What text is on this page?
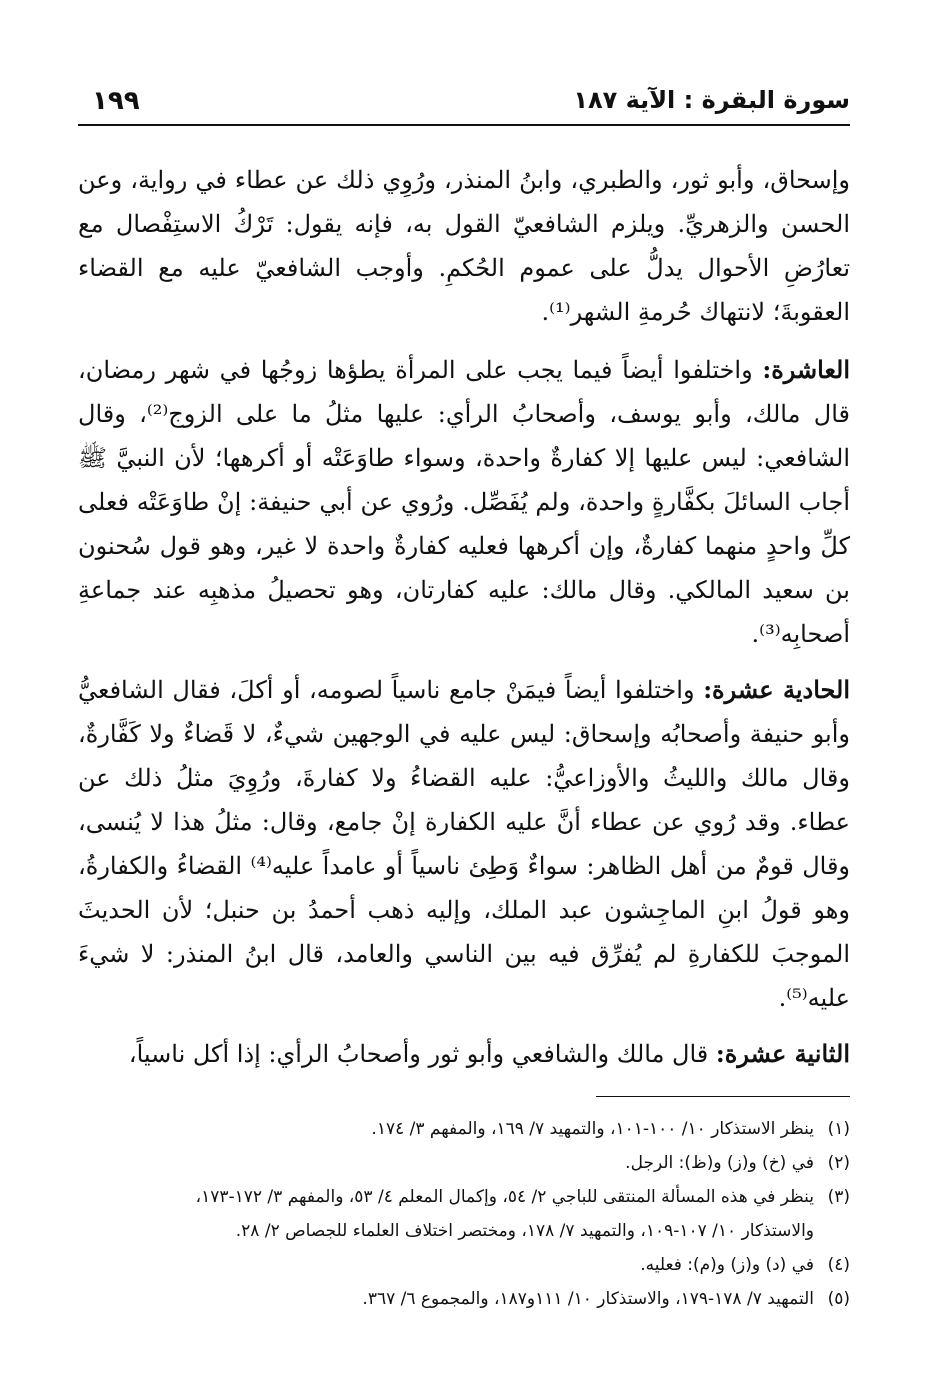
سورة البقرة : الآية ١٨٧
١٩٩

وإسحاق، وأبو ثور، والطبري، وابنُ المنذر، ورُوِي ذلك عن عطاء في رواية، وعن الحسن والزهريِّ. ويلزم الشافعيّ القول به، فإنه يقول: تَرْكُ الاستِفْصال مع تعارُضِ الأحوال يدلُّ على عموم الحُكمِ. وأوجب الشافعيّ عليه مع القضاء العقوبةَ؛ لانتهاك حُرمةِ الشهر⁽¹⁾.

العاشرة: واختلفوا أيضاً فيما يجب على المرأة يطؤها زوجُها في شهر رمضان، قال مالك، وأبو يوسف، وأصحابُ الرأي: عليها مثلُ ما على الزوج⁽²⁾، وقال الشافعي: ليس عليها إلا كفارةٌ واحدة، وسواء طاوَعَتْه أو أكرهها؛ لأن النبيَّ ﷺ أجاب السائلَ بكفَّارةٍ واحدة، ولم يُفَصِّل. ورُوي عن أبي حنيفة: إنْ طاوَعَتْه فعلى كلِّ واحدٍ منهما كفارةٌ، وإن أكرهها فعليه كفارةٌ واحدة لا غير، وهو قول سُحنون بن سعيد المالكي. وقال مالك: عليه كفارتان، وهو تحصيلُ مذهبِه عند جماعةِ أصحابِه⁽³⁾.

الحادية عشرة: واختلفوا أيضاً فيمَنْ جامع ناسياً لصومه، أو أكلَ، فقال الشافعيُّ وأبو حنيفة وأصحابُه وإسحاق: ليس عليه في الوجهين شيءٌ، لا قَضاءٌ ولا كَفَّارةٌ، وقال مالك والليثُ والأوزاعيُّ: عليه القضاءُ ولا كفارةَ، ورُوِيَ مثلُ ذلك عن عطاء. وقد رُوي عن عطاء أنَّ عليه الكفارة إنْ جامع، وقال: مثلُ هذا لا يُنسى، وقال قومٌ من أهل الظاهر: سواءٌ وَطِئ ناسياً أو عامداً عليه⁽⁴⁾ القضاءُ والكفارةُ، وهو قولُ ابنِ الماجِشون عبد الملك، وإليه ذهب أحمدُ بن حنبل؛ لأن الحديثَ الموجبَ للكفارةِ لم يُفرِّق فيه بين الناسي والعامد، قال ابنُ المنذر: لا شيءَ عليه⁽⁵⁾.

الثانية عشرة: قال مالك والشافعي وأبو ثور وأصحابُ الرأي: إذا أكل ناسياً،

(١)ينظر الاستذكار ١٠/ ١٠٠-١٠١، والتمهيد ٧/ ١٦٩، والمفهم ٣/ ١٧٤.

(٢)في (خ) و(ز) و(ظ): الرجل.

(٣)ينظر في هذه المسألة المنتقى للباجي ٢/ ٥٤، وإكمال المعلم ٤/ ٥٣، والمفهم ٣/ ١٧٢-١٧٣،

والاستذكار ١٠/ ١٠٧-١٠٩، والتمهيد ٧/ ١٧٨، ومختصر اختلاف العلماء للجصاص ٢/ ٢٨.

(٤)في (د) و(ز) و(م): فعليه.

(٥)التمهيد ٧/ ١٧٨-١٧٩، والاستذكار ١٠/ ١١١و١٨٧، والمجموع ٦/ ٣٦٧.
